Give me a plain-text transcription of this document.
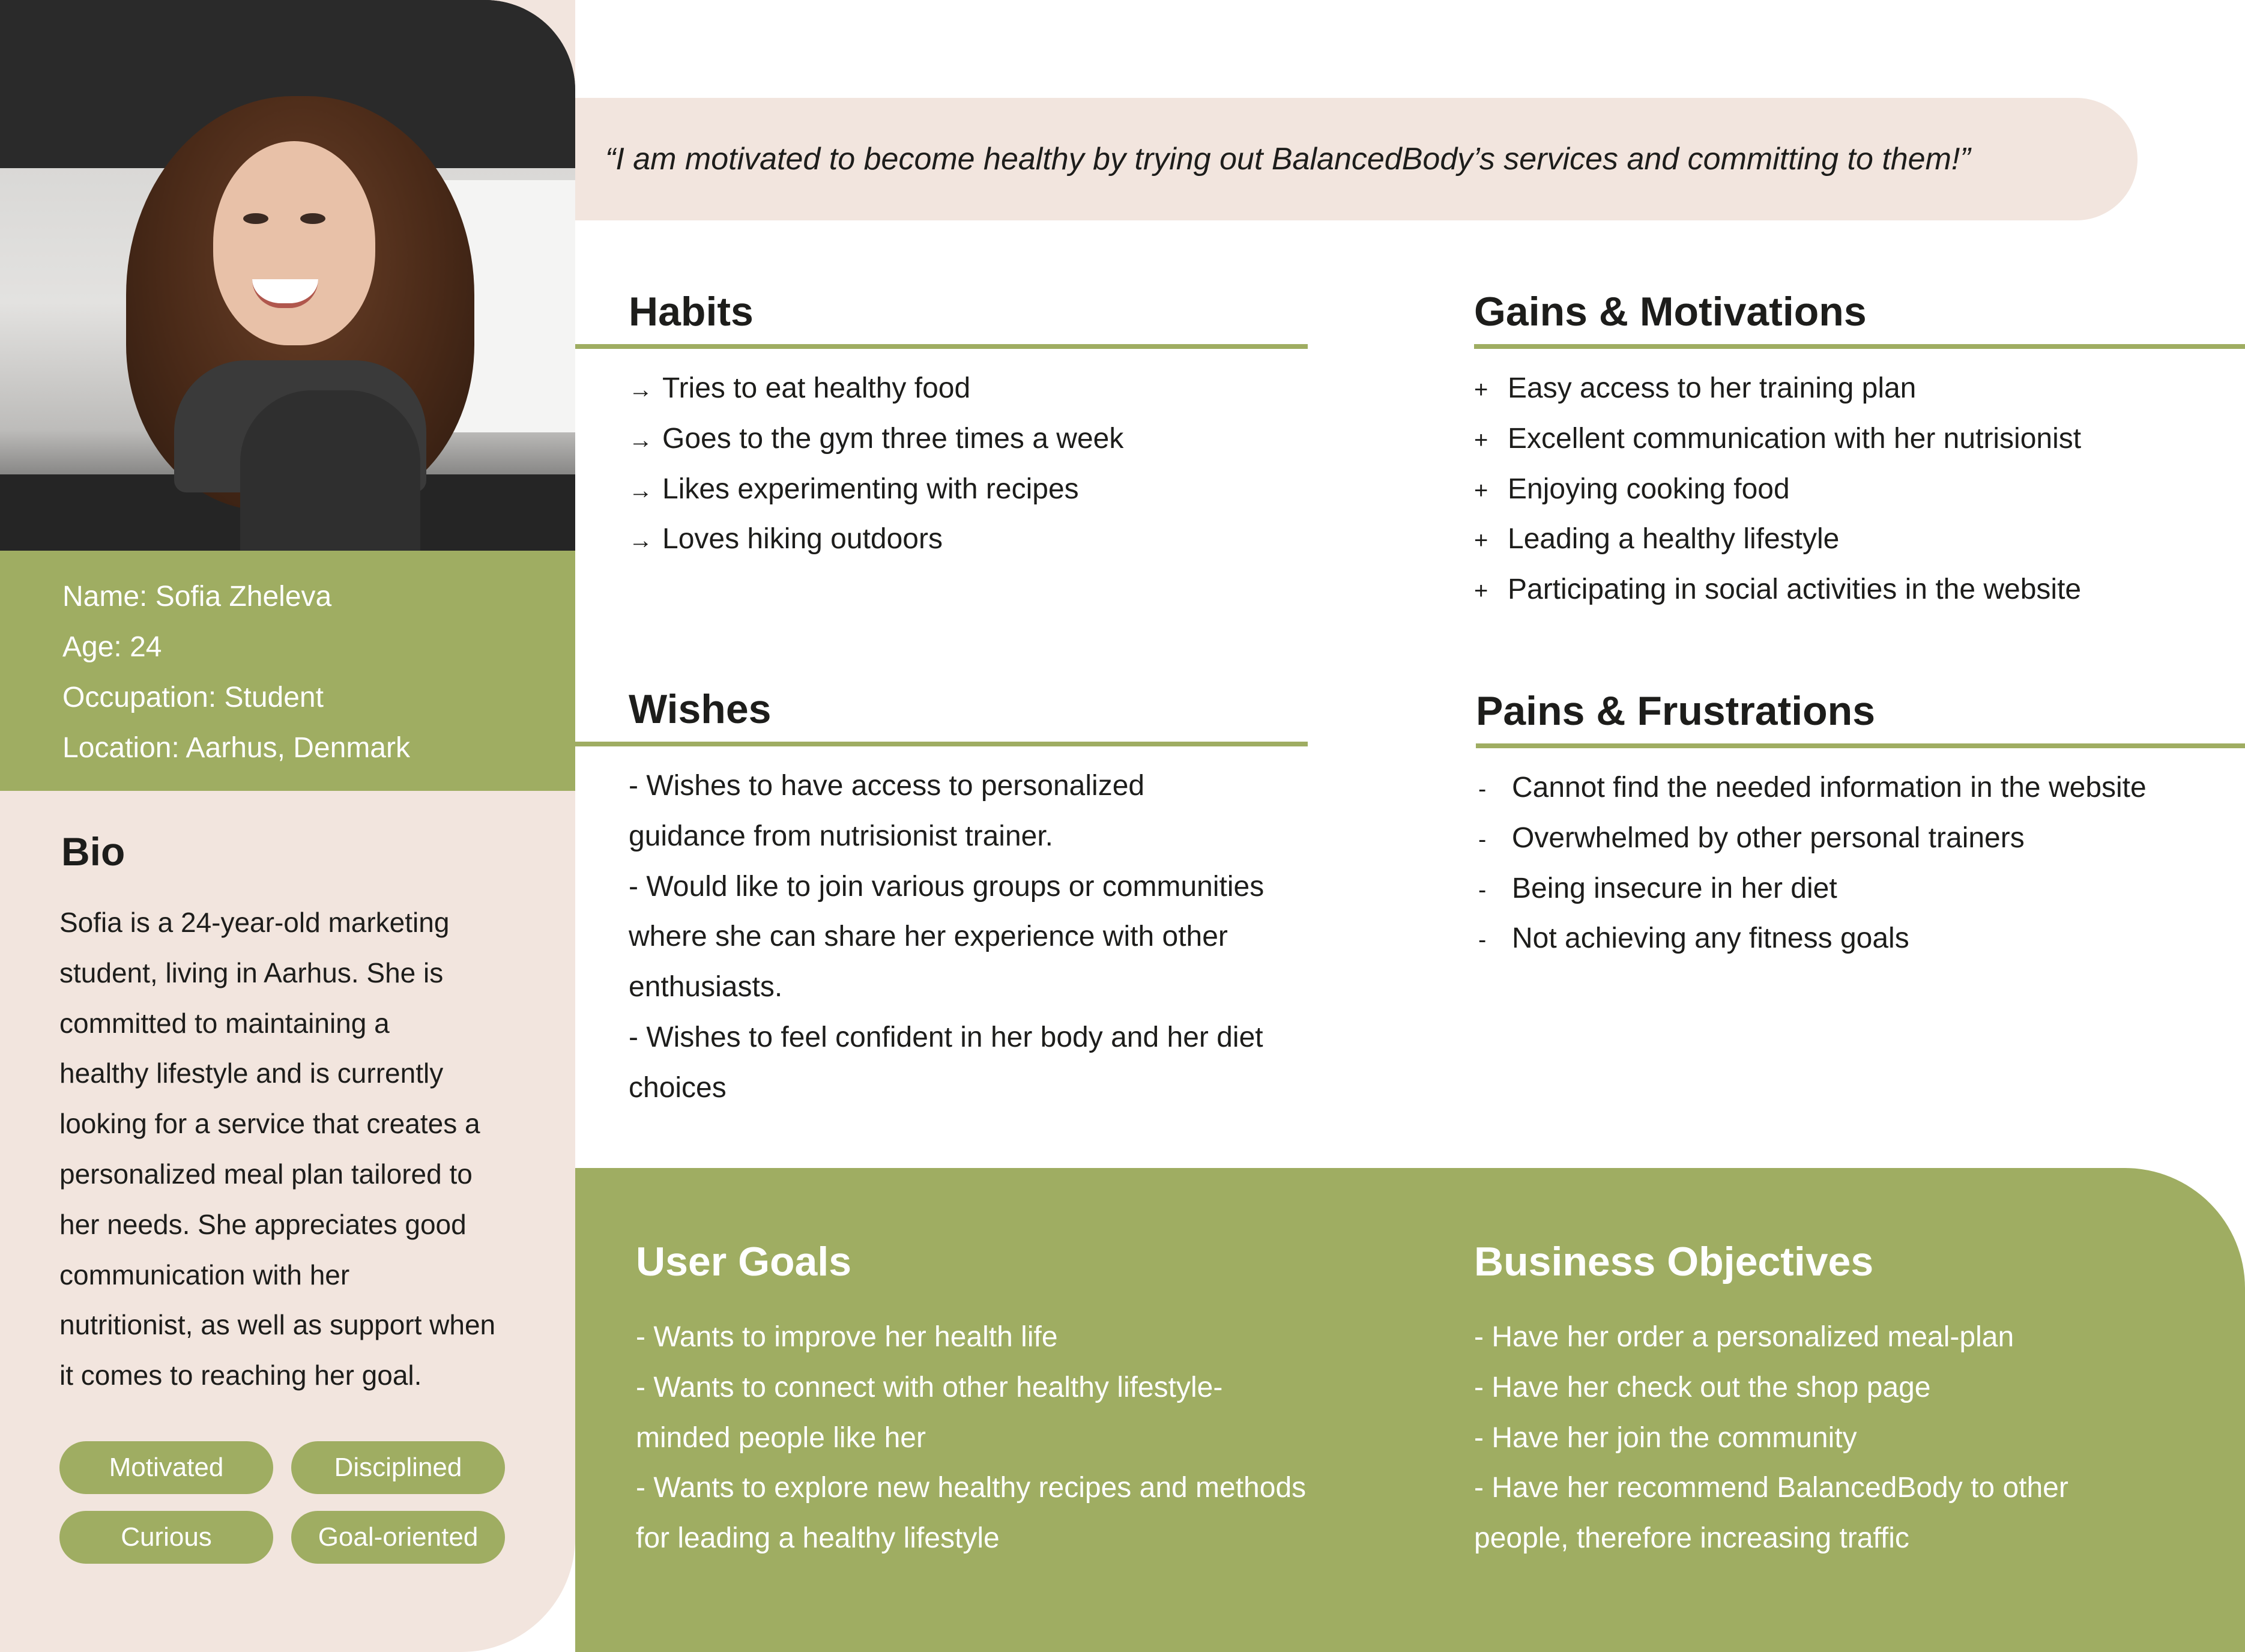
Name: Sofia Zheleva
Age: 24
Occupation: Student
Location: Aarhus, Denmark
Bio
Sofia is a 24-year-old marketing
student, living in Aarhus. She is
committed to maintaining a
healthy lifestyle and is currently
looking for a service that creates a
personalized meal plan tailored to
her needs. She appreciates good
communication with her
nutritionist, as well as support when
it comes to reaching her goal.
Motivated	Disciplined
Curious	Goal-oriented
“I am motivated to become healthy by trying out BalancedBody’s services and committing to them!”
Habits
→ Tries to eat healthy food
→ Goes to the gym three times a week
→ Likes experimenting with recipes
→ Loves hiking outdoors
Gains & Motivations
+ Easy access to her training plan
+ Excellent communication with her nutrisionist
+ Enjoying cooking food
+ Leading a healthy lifestyle
+ Participating in social activities in the website
Wishes
- Wishes to have access to personalized
guidance from nutrisionist trainer.
- Would like to join various groups or communities
where she can share her experience with other
enthusiasts.
- Wishes to feel confident in her body and her diet
choices
Pains & Frustrations
- Cannot find the needed information in the website
- Overwhelmed by other personal trainers
- Being insecure in her diet
- Not achieving any fitness goals
User Goals
- Wants to improve her health life
- Wants to connect with other healthy lifestyle-
minded people like her
- Wants to explore new healthy recipes and methods
for leading a healthy lifestyle
Business Objectives
- Have her order a personalized meal-plan
- Have her check out the shop page
- Have her join the community
- Have her recommend BalancedBody to other
people, therefore increasing traffic
